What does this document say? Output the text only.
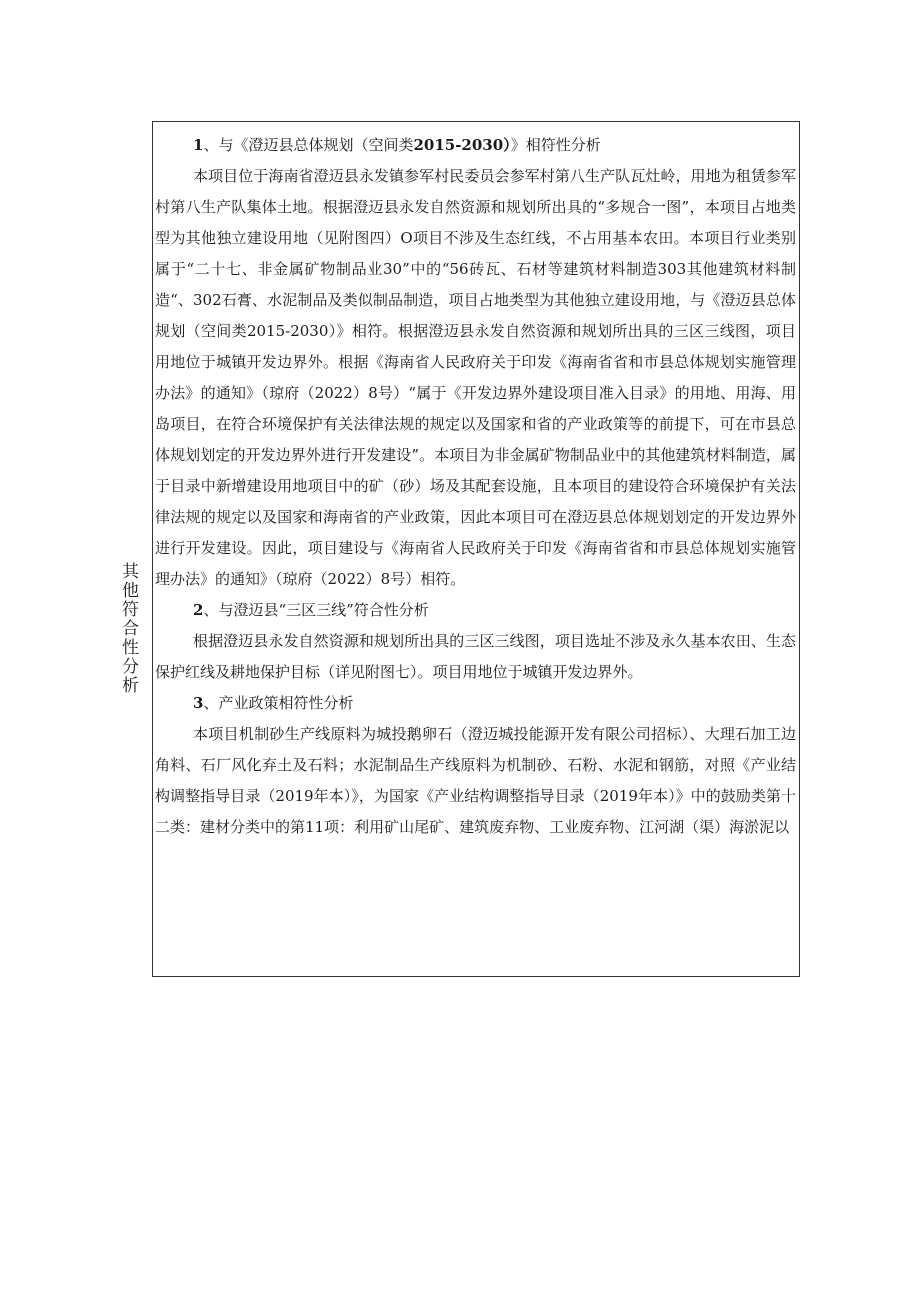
其他符合性分析

1、与《澄迈县总体规划（空间类2015-2030）》相符性分析

本项目位于海南省澄迈县永发镇参军村民委员会参军村第八生产队瓦灶岭，用地为租赁参军村第八生产队集体土地。根据澄迈县永发自然资源和规划所出具的“多规合一图”，本项目占地类型为其他独立建设用地（见附图四）O项目不涉及生态红线，不占用基本农田。本项目行业类别属于“二十七、非金属矿物制品业30”中的“56砖瓦、石材等建筑材料制造303其他建筑材料制造“、302石膏、水泥制品及类似制品制造，项目占地类型为其他独立建设用地，与《澄迈县总体规划（空间类2015-2030）》相符。根据澄迈县永发自然资源和规划所出具的三区三线图，项目用地位于城镇开发边界外。根据《海南省人民政府关于印发《海南省省和市县总体规划实施管理办法》的通知》（琼府（2022）8号）“属于《开发边界外建设项目准入目录》的用地、用海、用岛项目，在符合环境保护有关法律法规的规定以及国家和省的产业政策等的前提下，可在市县总体规划划定的开发边界外进行开发建设”。本项目为非金属矿物制品业中的其他建筑材料制造，属于目录中新增建设用地项目中的矿（砂）场及其配套设施，且本项目的建设符合环境保护有关法律法规的规定以及国家和海南省的产业政策，因此本项目可在澄迈县总体规划划定的开发边界外进行开发建设。因此，项目建设与《海南省人民政府关于印发《海南省省和市县总体规划实施管理办法》的通知》（琼府（2022）8号）相符。

2、与澄迈县“三区三线”符合性分析

根据澄迈县永发自然资源和规划所出具的三区三线图，项目选址不涉及永久基本农田、生态保护红线及耕地保护目标（详见附图七）。项目用地位于城镇开发边界外。

3、产业政策相符性分析

本项目机制砂生产线原料为城投鹅卵石（澄迈城投能源开发有限公司招标）、大理石加工边角料、石厂风化弃土及石料；水泥制品生产线原料为机制砂、石粉、水泥和钢筋，对照《产业结构调整指导目录（2019年本）》，为国家《产业结构调整指导目录（2019年本）》中的鼓励类第十二类：建材分类中的第11项：利用矿山尾矿、建筑废弃物、工业废弃物、江河湖（渠）海淤泥以
